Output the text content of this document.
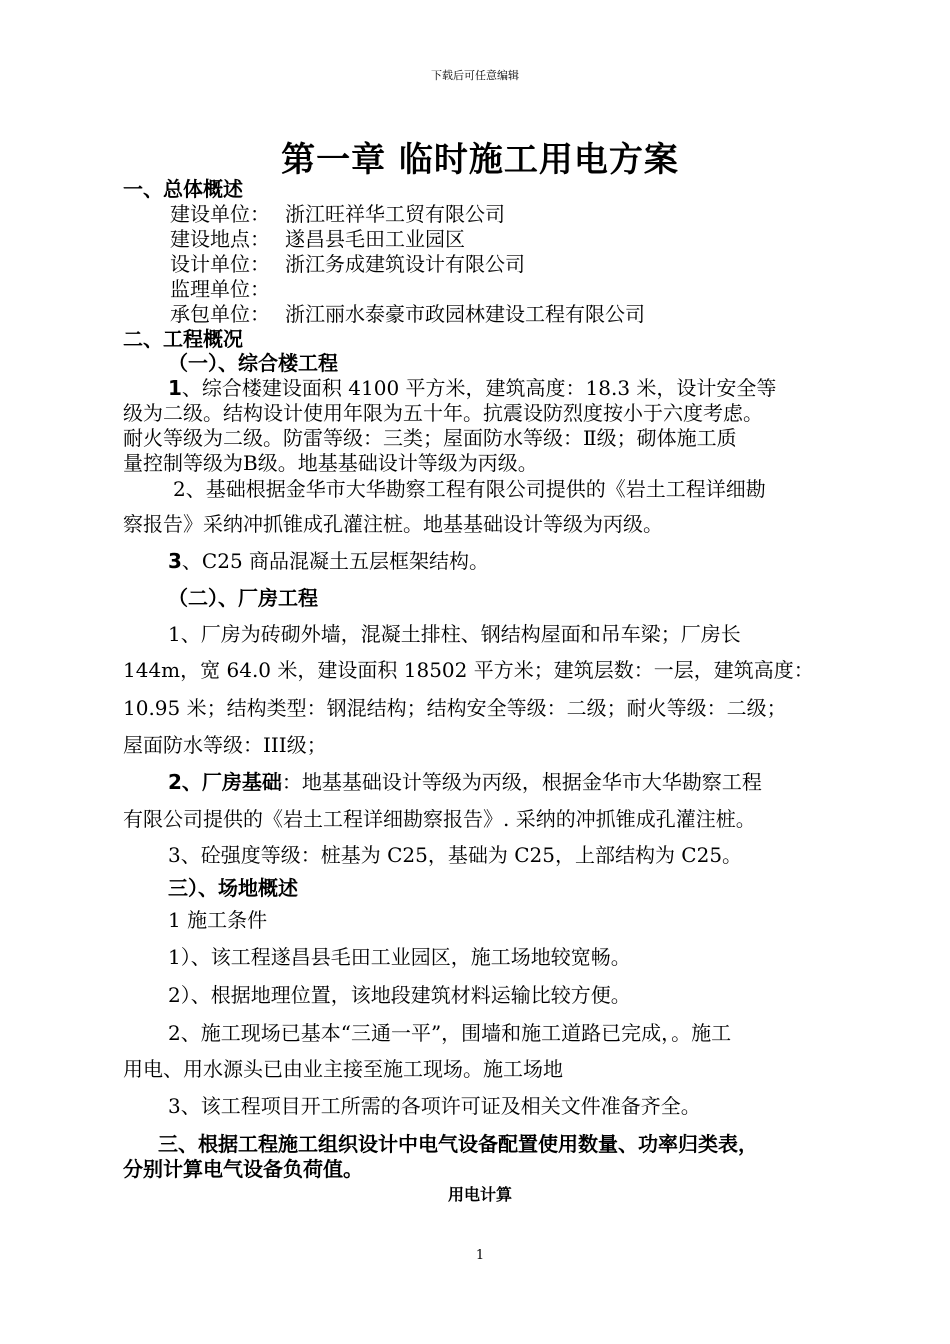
下载后可任意编辑
第一章 临时施工用电方案
一、总体概述
建设单位： 浙江旺祥华工贸有限公司
建设地点： 遂昌县毛田工业园区
设计单位： 浙江务成建筑设计有限公司
监理单位：
承包单位： 浙江丽水泰豪市政园林建设工程有限公司
二、工程概况
（一）、综合楼工程
1、综合楼建设面积 4100 平方米，建筑高度：18.3 米，设计安全等
级为二级。结构设计使用年限为五十年。抗震设防烈度按小于六度考虑。
耐火等级为二级。防雷等级：三类；屋面防水等级：Ⅱ级；砌体施工质
量控制等级为Β级。地基基础设计等级为丙级。
2、基础根据金华市大华勘察工程有限公司提供的《岩土工程详细勘
察报告》采纳冲抓锥成孔灌注桩。地基基础设计等级为丙级。
3、C25 商品混凝土五层框架结构。
（二）、厂房工程
1、厂房为砖砌外墙，混凝土排柱、钢结构屋面和吊车梁；厂房长
144m，宽 64.0 米，建设面积 18502 平方米；建筑层数：一层，建筑高度：
10.95 米；结构类型：钢混结构；结构安全等级：二级；耐火等级：二级；
屋面防水等级：III级；
2、厂房基础：地基基础设计等级为丙级，根据金华市大华勘察工程
有限公司提供的《岩土工程详细勘察报告》. 采纳的冲抓锥成孔灌注桩。
3、砼强度等级：桩基为 C25，基础为 C25，上部结构为 C25。
三）、场地概述
1 施工条件
1）、该工程遂昌县毛田工业园区，施工场地较宽畅。
2）、根据地理位置，该地段建筑材料运输比较方便。
2、施工现场已基本“三通一平”，围墙和施工道路已完成，。施工
用电、用水源头已由业主接至施工现场。施工场地
3、该工程项目开工所需的各项许可证及相关文件准备齐全。
三、根据工程施工组织设计中电气设备配置使用数量、功率归类表，
分别计算电气设备负荷值。
用电计算
1
